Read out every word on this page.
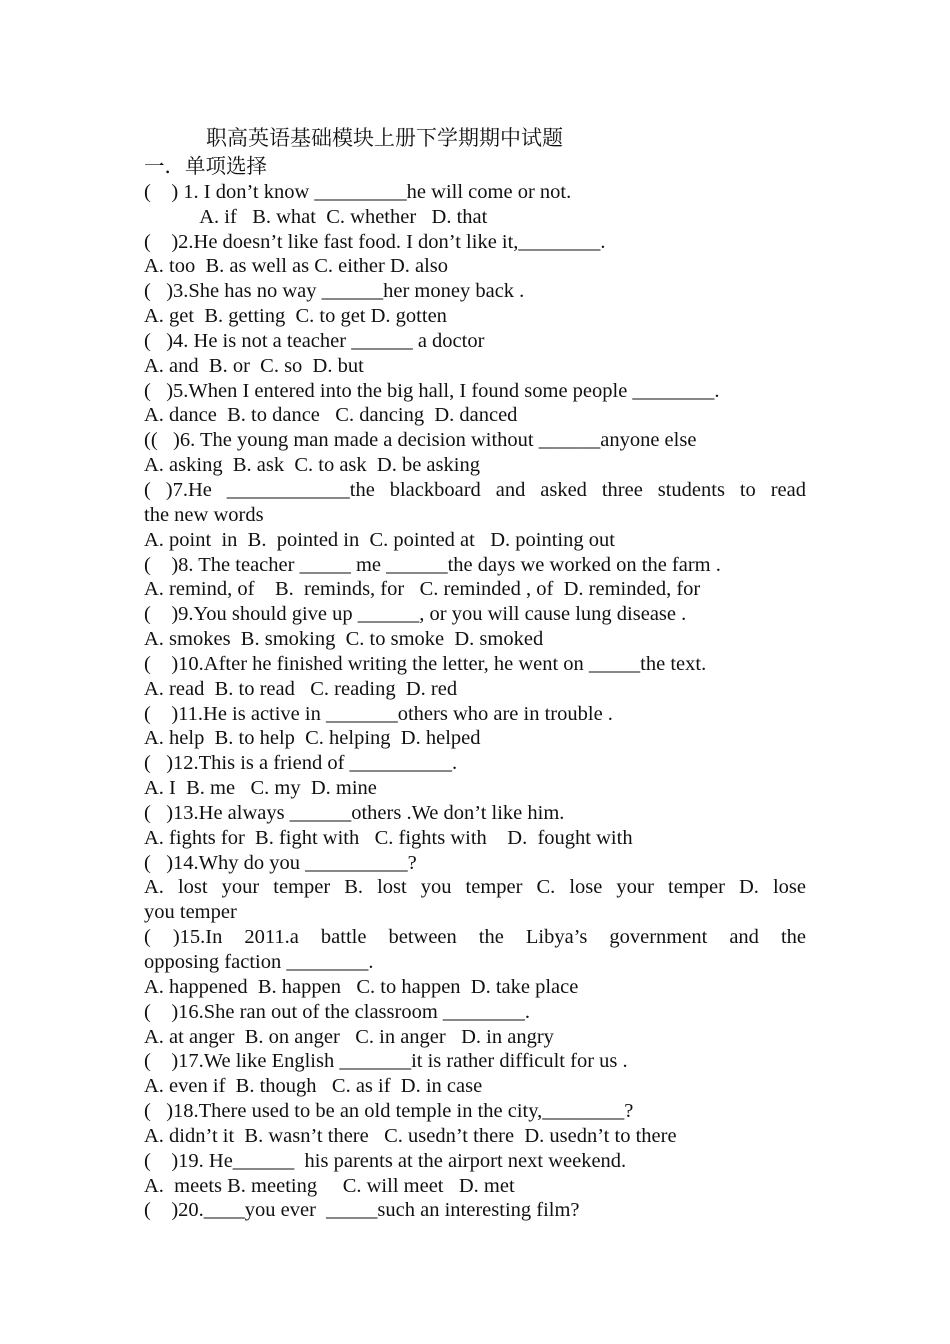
职高英语基础模块上册下学期期中试题
一．单项选择
(    ) 1. I don’t know _________he will come or not.
A. if   B. what  C. whether   D. that
(    )2.He doesn’t like fast food. I don’t like it,________.
A. too  B. as well as C. either D. also
(   )3.She has no way ______her money back .
A. get  B. getting  C. to get D. gotten
(   )4. He is not a teacher ______ a doctor
A. and  B. or  C. so  D. but
(   )5.When I entered into the big hall, I found some people ________.
A. dance  B. to dance   C. dancing  D. danced
((   )6. The young man made a decision without ______anyone else
A. asking  B. ask  C. to ask  D. be asking
( )7.He ____________the blackboard and asked three students to read
the new words
A. point  in  B.  pointed in  C. pointed at   D. pointing out
(    )8. The teacher _____ me ______the days we worked on the farm .
A. remind, of    B.  reminds, for   C. reminded , of  D. reminded, for
(    )9.You should give up ______, or you will cause lung disease .
A. smokes  B. smoking  C. to smoke  D. smoked
(    )10.After he finished writing the letter, he went on _____the text.
A. read  B. to read   C. reading  D. red
(    )11.He is active in _______others who are in trouble .
A. help  B. to help  C. helping  D. helped
(   )12.This is a friend of __________.
A. I  B. me   C. my  D. mine
(   )13.He always ______others .We don’t like him.
A. fights for  B. fight with   C. fights with    D.  fought with
(   )14.Why do you __________?
A. lost your temper B. lost you temper C. lose your temper D. lose
you temper
( )15.In 2011.a battle between the Libya’s government and the
opposing faction ________.
A. happened  B. happen   C. to happen  D. take place
(    )16.She ran out of the classroom ________.
A. at anger  B. on anger   C. in anger   D. in angry
(    )17.We like English _______it is rather difficult for us .
A. even if  B. though   C. as if  D. in case
(   )18.There used to be an old temple in the city,________?
A. didn’t it  B. wasn’t there   C. usedn’t there  D. usedn’t to there
(    )19. He______  his parents at the airport next weekend.
A.  meets B. meeting     C. will meet   D. met
(    )20.____you ever  _____such an interesting film?
